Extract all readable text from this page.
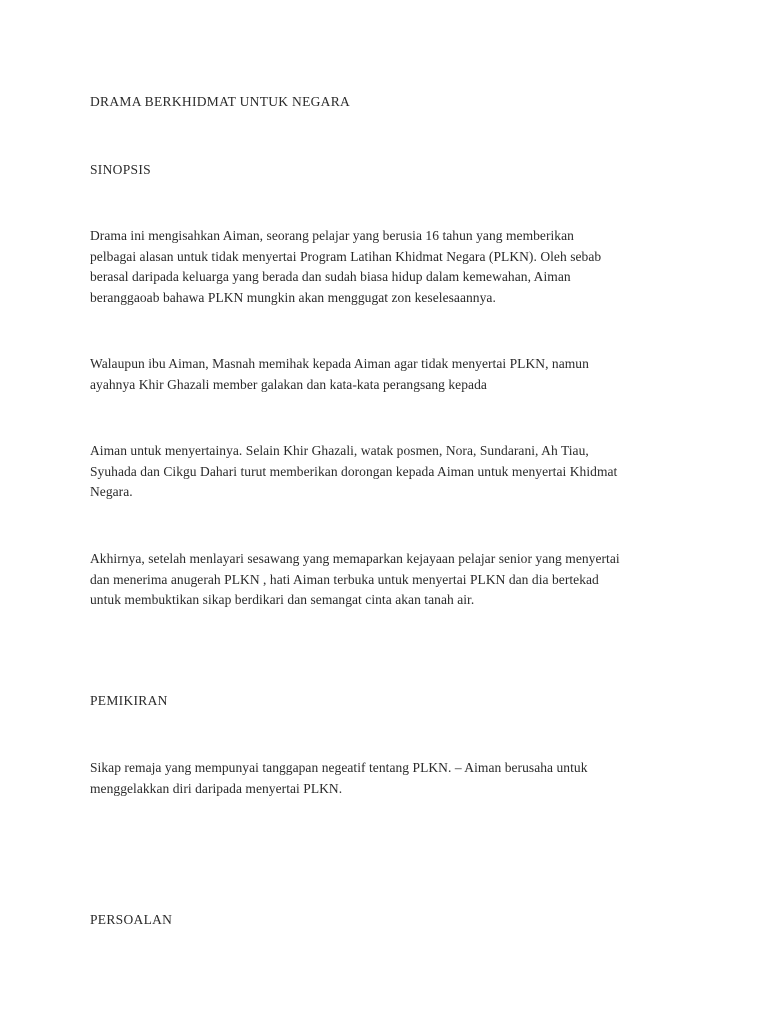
DRAMA BERKHIDMAT UNTUK NEGARA

SINOPSIS

Drama ini mengisahkan Aiman, seorang pelajar yang berusia 16 tahun yang memberikan
pelbagai alasan untuk tidak menyertai Program Latihan Khidmat Negara (PLKN). Oleh sebab
berasal daripada keluarga yang berada dan sudah biasa hidup dalam kemewahan, Aiman
beranggaoab bahawa PLKN mungkin akan menggugat zon keselesaannya.

Walaupun ibu Aiman, Masnah memihak kepada Aiman agar tidak menyertai PLKN, namun
ayahnya Khir Ghazali member galakan dan kata-kata perangsang kepada

Aiman untuk menyertainya. Selain Khir Ghazali, watak posmen, Nora, Sundarani, Ah Tiau,
Syuhada dan Cikgu Dahari turut memberikan dorongan kepada Aiman untuk menyertai Khidmat
Negara.

Akhirnya, setelah menlayari sesawang yang memaparkan kejayaan pelajar senior yang menyertai
dan menerima anugerah PLKN , hati Aiman terbuka untuk menyertai PLKN dan dia bertekad
untuk membuktikan sikap berdikari dan semangat cinta akan tanah air.

PEMIKIRAN

Sikap remaja yang mempunyai tanggapan negeatif tentang PLKN. – Aiman berusaha untuk
menggelakkan diri daripada menyertai PLKN.

PERSOALAN
